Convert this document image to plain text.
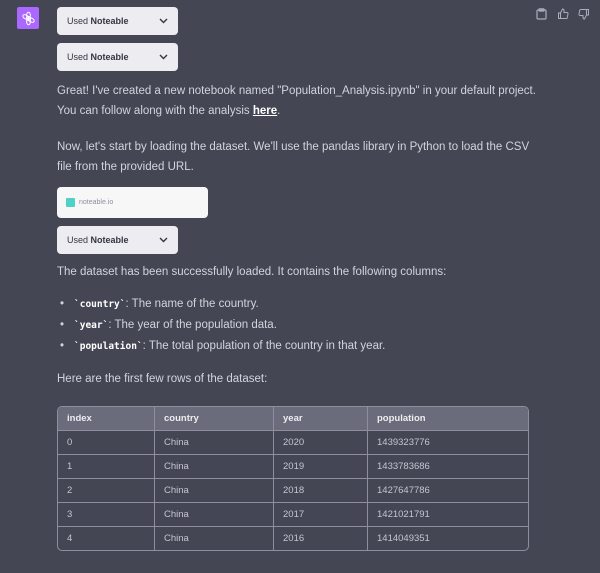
Used Noteable
Used Noteable

Great! I've created a new notebook named "Population_Analysis.ipynb" in your default project. You can follow along with the analysis here.

Now, let's start by loading the dataset. We'll use the pandas library in Python to load the CSV file from the provided URL.

noteable.io
Used Noteable

The dataset has been successfully loaded. It contains the following columns:

• `country`: The name of the country.
• `year`: The year of the population data.
• `population`: The total population of the country in that year.

Here are the first few rows of the dataset:

index	country	year	population
0	China	2020	1439323776
1	China	2019	1433783686
2	China	2018	1427647786
3	China	2017	1421021791
4	China	2016	1414049351
